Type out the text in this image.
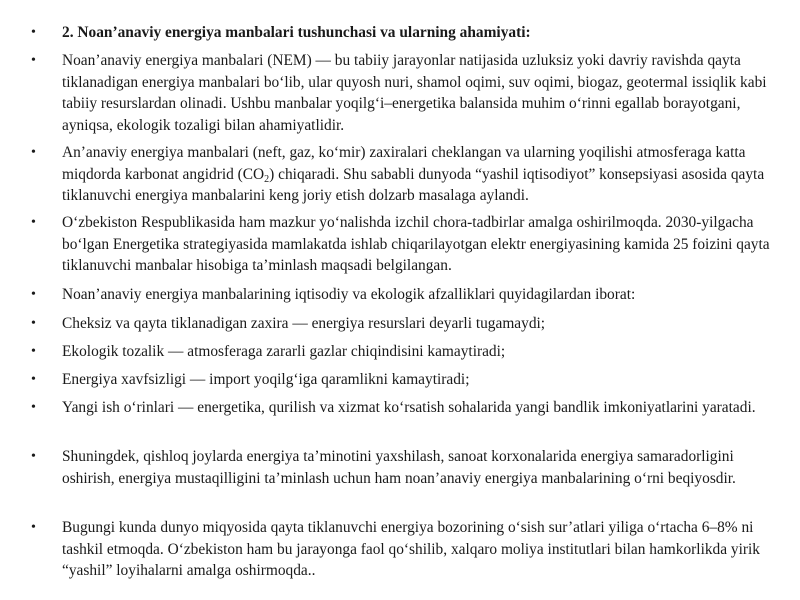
• 2. Noan’anaviy energiya manbalari tushunchasi va ularning ahamiyati:
• Noan’anaviy energiya manbalari (NEM) — bu tabiiy jarayonlar natijasida uzluksiz yoki davriy ravishda qayta tiklanadigan energiya manbalari bo‘lib, ular quyosh nuri, shamol oqimi, suv oqimi, biogaz, geotermal issiqlik kabi tabiiy resurslardan olinadi. Ushbu manbalar yoqilg‘i–energetika balansida muhim o‘rinni egallab borayotgani, ayniqsa, ekologik tozaligi bilan ahamiyatlidir.
• An’anaviy energiya manbalari (neft, gaz, ko‘mir) zaxiralari cheklangan va ularning yoqilishi atmosferaga katta miqdorda karbonat angidrid $(CO_2)$ chiqaradi. Shu sababli dunyoda “yashil iqtisodiyot” konsepsiyasi asosida qayta tiklanuvchi energiya manbalarini keng joriy etish dolzarb masalaga aylandi.
• O‘zbekiston Respublikasida ham mazkur yo‘nalishda izchil chora-tadbirlar amalga oshirilmoqda. 2030-yilgacha bo‘lgan Energetika strategiyasida mamlakatda ishlab chiqarilayotgan elektr energiyasining kamida 25 foizini qayta tiklanuvchi manbalar hisobiga ta’minlash maqsadi belgilangan.
• Noan’anaviy energiya manbalarining iqtisodiy va ekologik afzalliklari quyidagilardan iborat:
• Cheksiz va qayta tiklanadigan zaxira — energiya resurslari deyarli tugamaydi;
• Ekologik tozalik — atmosferaga zararli gazlar chiqindisini kamaytiradi;
• Energiya xavfsizligi — import yoqilg‘iga qaramlikni kamaytiradi;
• Yangi ish o‘rinlari — energetika, qurilish va xizmat ko‘rsatish sohalarida yangi bandlik imkoniyatlarini yaratadi.
• Shuningdek, qishloq joylarda energiya ta’minotini yaxshilash, sanoat korxonalarida energiya samaradorligini oshirish, energiya mustaqilligini ta’minlash uchun ham noan’anaviy energiya manbalarining o‘rni beqiyosdir.
• Bugungi kunda dunyo miqyosida qayta tiklanuvchi energiya bozorining o‘sish sur’atlari yiliga o‘rtacha 6–8% ni tashkil etmoqda. O‘zbekiston ham bu jarayonga faol qo‘shilib, xalqaro moliya institutlari bilan hamkorlikda yirik “yashil” loyihalarni amalga oshirmoqda..
